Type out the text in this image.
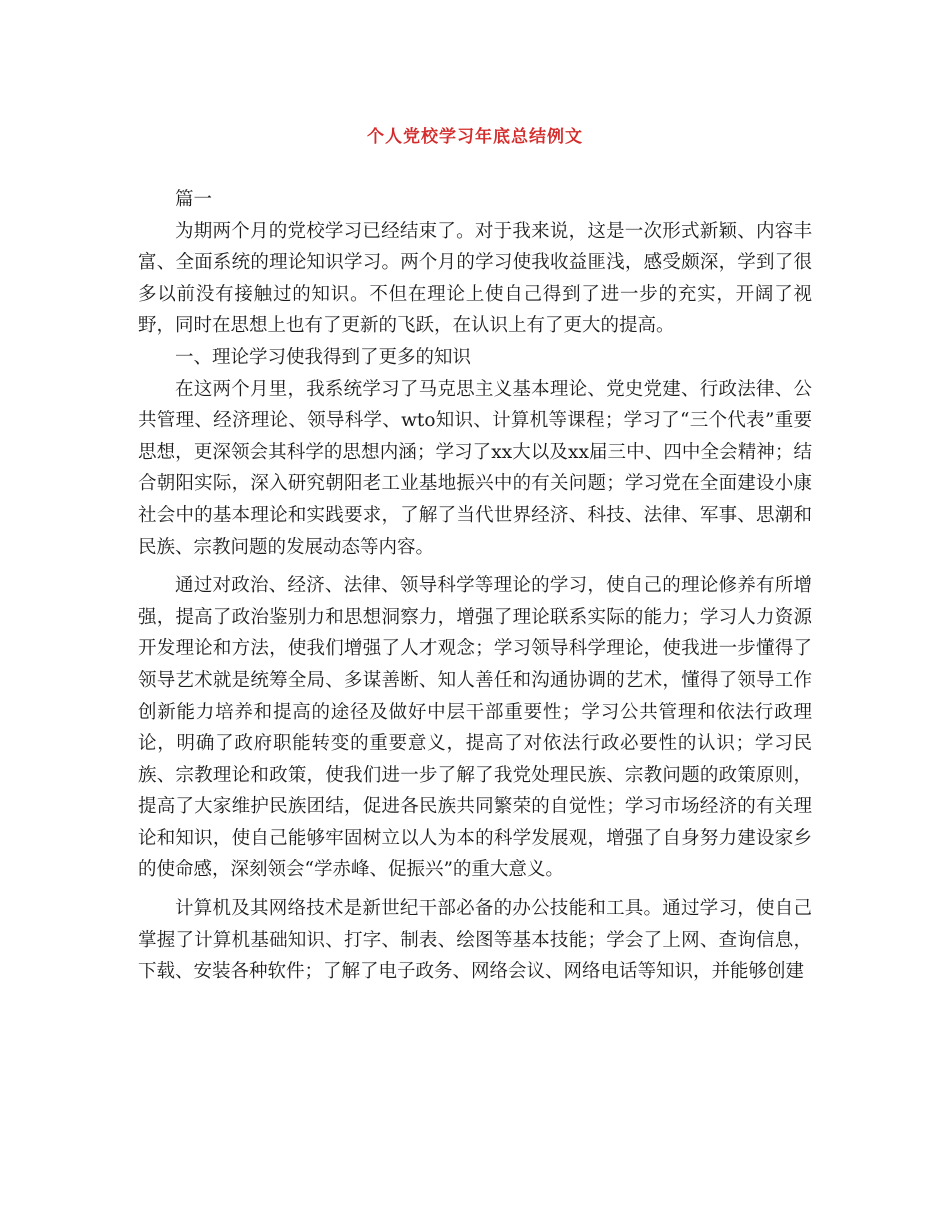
个人党校学习年底总结例文

篇一

为期两个月的党校学习已经结束了。对于我来说，这是一次形式新颖、内容丰富、全面系统的理论知识学习。两个月的学习使我收益匪浅，感受颇深，学到了很多以前没有接触过的知识。不但在理论上使自己得到了进一步的充实，开阔了视野，同时在思想上也有了更新的飞跃，在认识上有了更大的提高。

一、理论学习使我得到了更多的知识

在这两个月里，我系统学习了马克思主义基本理论、党史党建、行政法律、公共管理、经济理论、领导科学、wto知识、计算机等课程；学习了“三个代表”重要思想，更深领会其科学的思想内涵；学习了xx大以及xx届三中、四中全会精神；结合朝阳实际，深入研究朝阳老工业基地振兴中的有关问题；学习党在全面建设小康社会中的基本理论和实践要求，了解了当代世界经济、科技、法律、军事、思潮和民族、宗教问题的发展动态等内容。

通过对政治、经济、法律、领导科学等理论的学习，使自己的理论修养有所增强，提高了政治鉴别力和思想洞察力，增强了理论联系实际的能力；学习人力资源开发理论和方法，使我们增强了人才观念；学习领导科学理论，使我进一步懂得了领导艺术就是统筹全局、多谋善断、知人善任和沟通协调的艺术，懂得了领导工作创新能力培养和提高的途径及做好中层干部重要性；学习公共管理和依法行政理论，明确了政府职能转变的重要意义，提高了对依法行政必要性的认识；学习民族、宗教理论和政策，使我们进一步了解了我党处理民族、宗教问题的政策原则，提高了大家维护民族团结，促进各民族共同繁荣的自觉性；学习市场经济的有关理论和知识，使自己能够牢固树立以人为本的科学发展观，增强了自身努力建设家乡的使命感，深刻领会“学赤峰、促振兴”的重大意义。

计算机及其网络技术是新世纪干部必备的办公技能和工具。通过学习，使自己掌握了计算机基础知识、打字、制表、绘图等基本技能；学会了上网、查询信息，下载、安装各种软件；了解了电子政务、网络会议、网络电话等知识，并能够创建
